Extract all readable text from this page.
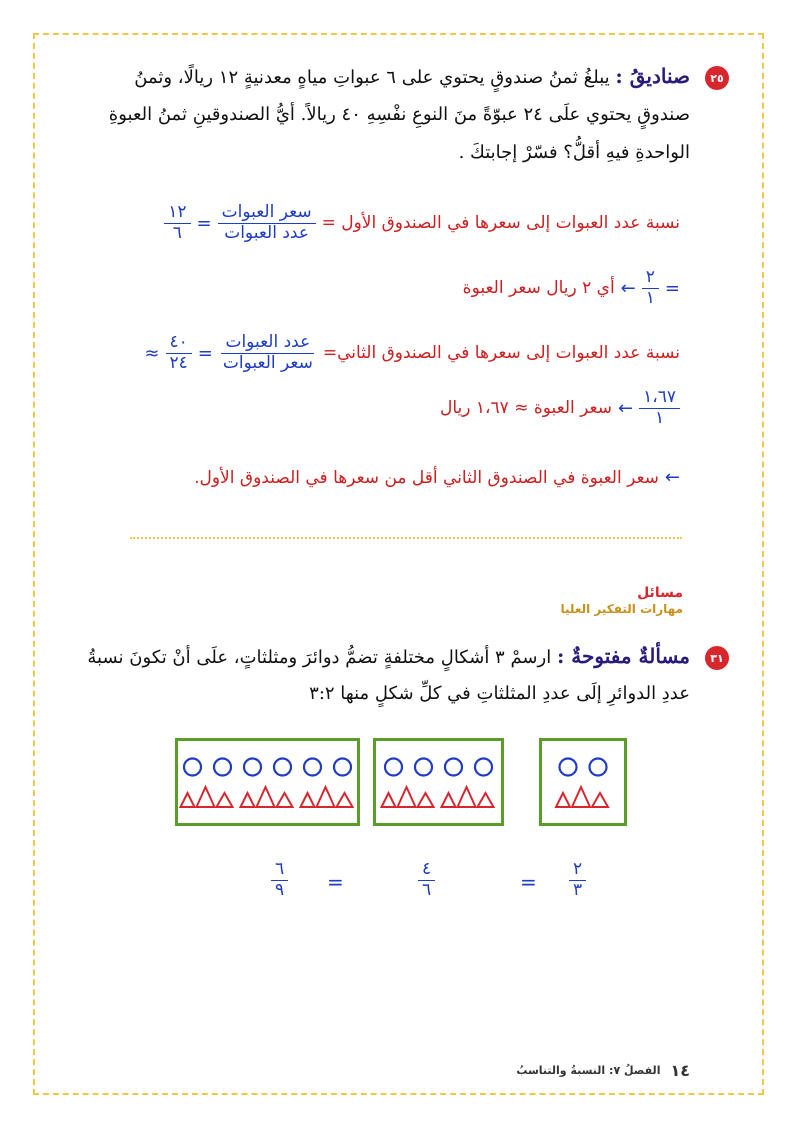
٢٥
صناديقُ : يبلغُ ثمنُ صندوقٍ يحتوي على ٦ عبواتِ مياهٍ معدنيةٍ ١٢ ريالًا، وثمنُ
صندوقٍ يحتوي علَى ٢٤ عبوّةً منَ النوعِ نفْسِهِ ٤٠ ريالاً. أيُّ الصندوقينِ ثمنُ العبوةِ
الواحدةِ فيهِ أقلُّ؟ فسّرْ إجابتكَ .
نسبة عدد العبوات إلى سعرها في الصندوق الأول =
$\frac{\text{سعر العبوات}}{\text{عدد العبوات}}$
=
$\frac{١٢}{٦}$
=
$\frac{٢}{١}$
←
أي ٢ ريال سعر العبوة
نسبة عدد العبوات إلى سعرها في الصندوق الثاني=
$\frac{\text{عدد العبوات}}{\text{سعر العبوات}}$
=
$\frac{٤٠}{٢٤}$
≈
$\frac{١،٦٧}{١}$
←
سعر العبوة ≈ ١،٦٧ ريال
←
سعر العبوة في الصندوق الثاني أقل من سعرها في الصندوق الأول.
مسائل
مهارات التفكير العليا
٣١
مسألةٌ مفتوحةٌ : ارسمْ ٣ أشكالٍ مختلفةٍ تضمُّ دوائرَ ومثلثاتٍ، علَى أنْ تكونَ نسبةُ
عددِ الدوائرِ إلَى عددِ المثلثاتِ في كلِّ شكلٍ منها ٣:٢
$\frac{٦}{٩}$ =	$\frac{٤}{٦}$	= $\frac{٢}{٣}$
١٤
الفصلُ ٧: النسبةُ والتناسبُ
